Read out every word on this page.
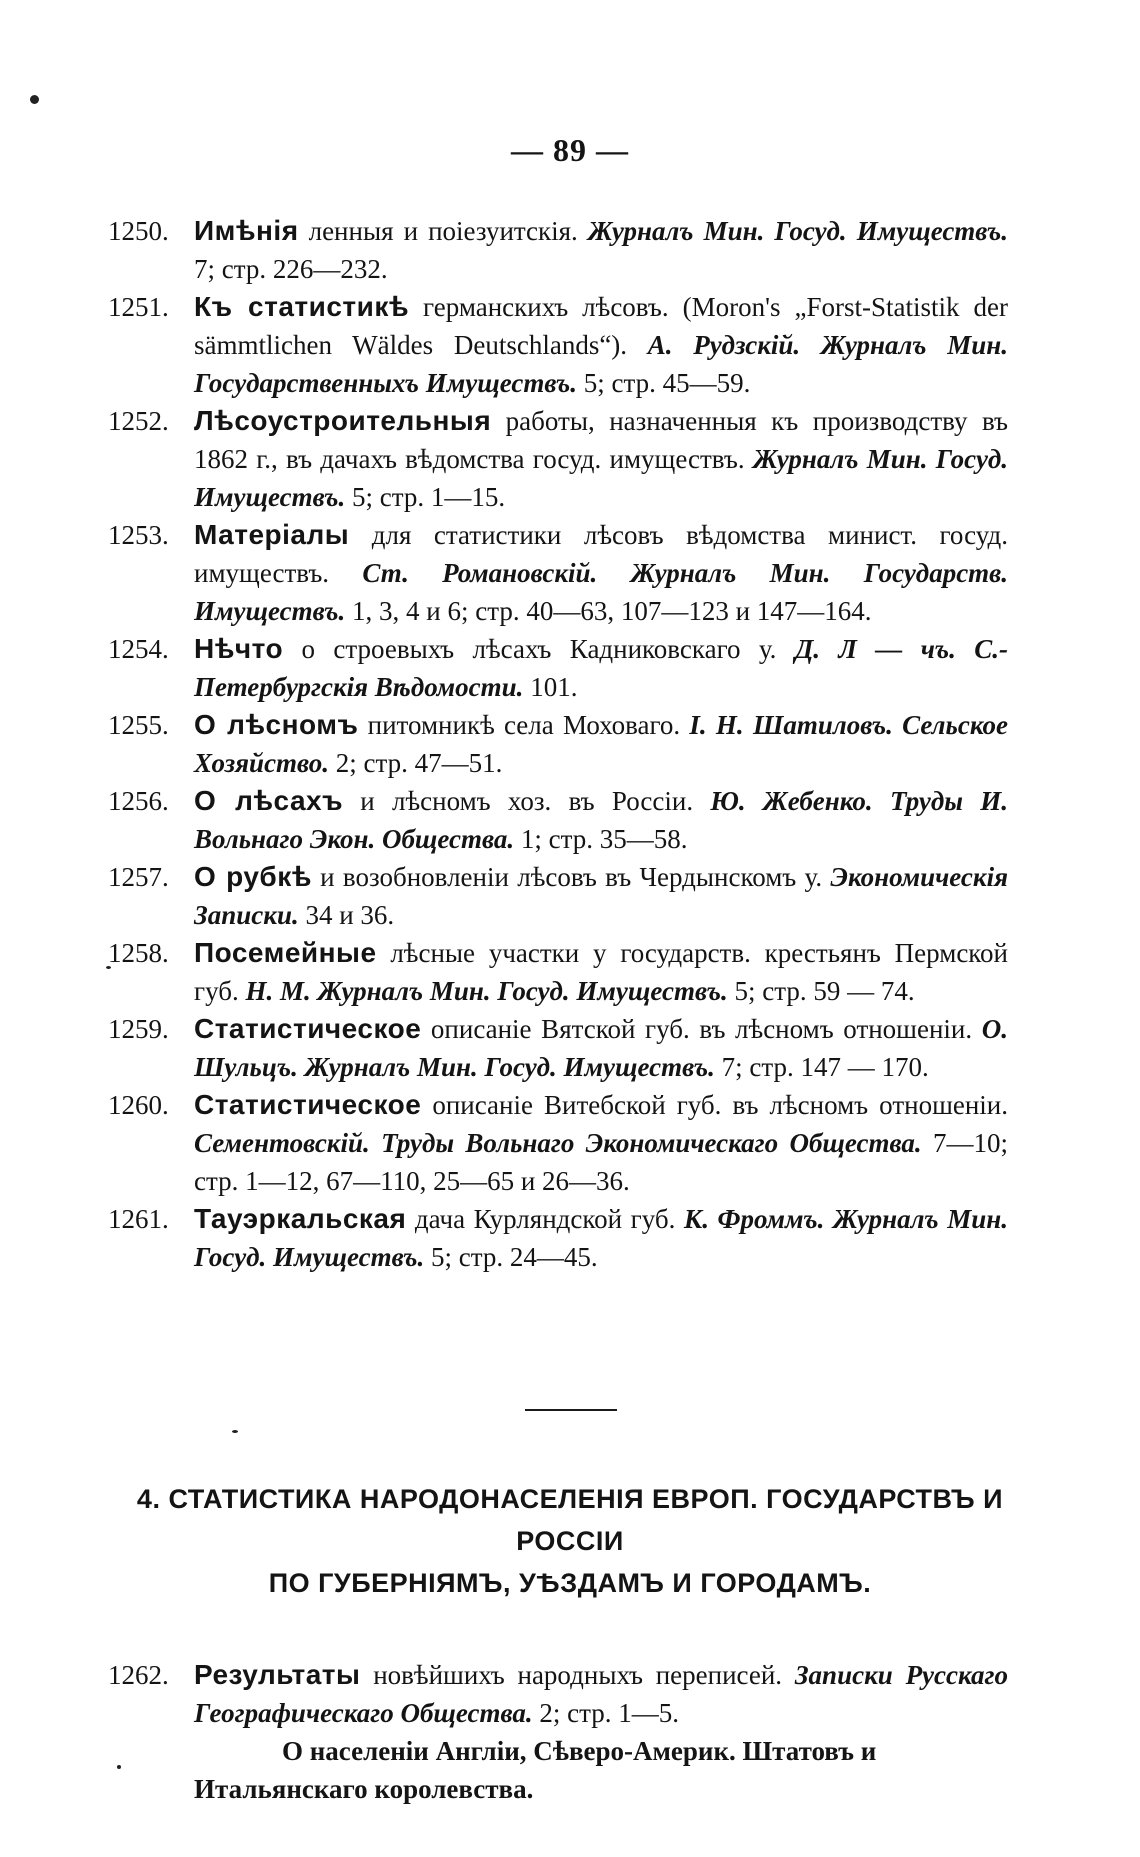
— 89 —
1250. Имѣнія ленныя и поіезуитскія. Журналъ Мин. Госуд. Имуществъ. 7; стр. 226—232.
1251. Къ статистикѣ германскихъ лѣсовъ. (Moron's „Forst-Statistik der sämmtlichen Wäldes Deutschlands“). А. Рудзскій. Журналъ Мин. Государственныхъ Имуществъ. 5; стр. 45—59.
1252. Лѣсоустроительныя работы, назначенныя къ производству въ 1862 г., въ дачахъ вѣдомства госуд. имуществъ. Журналъ Мин. Госуд. Имуществъ. 5; стр. 1—15.
1253. Матеріалы для статистики лѣсовъ вѣдомства минист. госуд. имуществъ. Ст. Романовскій. Журналъ Мин. Государств. Имуществъ. 1, 3, 4 и 6; стр. 40—63, 107—123 и 147—164.
1254. Нѣчто о строевыхъ лѣсахъ Кадниковскаго у. Д. Л — чъ. С.-Петербургскія Вѣдомости. 101.
1255. О лѣсномъ питомникѣ села Моховаго. I. Н. Шатиловъ. Сельское Хозяйство. 2; стр. 47—51.
1256. О лѣсахъ и лѣсномъ хоз. въ Россіи. Ю. Жебенко. Труды И. Вольнаго Экон. Общества. 1; стр. 35—58.
1257. О рубкѣ и возобновленіи лѣсовъ въ Чердынскомъ у. Экономическія Записки. 34 и 36.
1258. Посемейные лѣсные участки у государств. крестьянъ Пермской губ. Н. М. Журналъ Мин. Госуд. Имуществъ. 5; стр. 59 — 74.
1259. Статистическое описаніе Вятской губ. въ лѣсномъ отношеніи. О. Шульцъ. Журналъ Мин. Госуд. Имуществъ. 7; стр. 147 — 170.
1260. Статистическое описаніе Витебской губ. въ лѣсномъ отношеніи. Сементовскій. Труды Вольнаго Экономическаго Общества. 7—10; стр. 1—12, 67—110, 25—65 и 26—36.
1261. Тауэркальская дача Курляндской губ. К. Фроммъ. Журналъ Мин. Госуд. Имуществъ. 5; стр. 24—45.
4. СТАТИСТИКА НАРОДОНАСЕЛЕНІЯ ЕВРОП. ГОСУДАРСТВЪ И РОССІИ
ПО ГУБЕРНІЯМЪ, УѢЗДАМЪ И ГОРОДАМЪ.
1262. Результаты новѣйшихъ народныхъ переписей. Записки Русскаго Географическаго Общества. 2; стр. 1—5.
О населеніи Англіи, Сѣверо-Америк. Штатовъ и Итальянскаго королевства.
